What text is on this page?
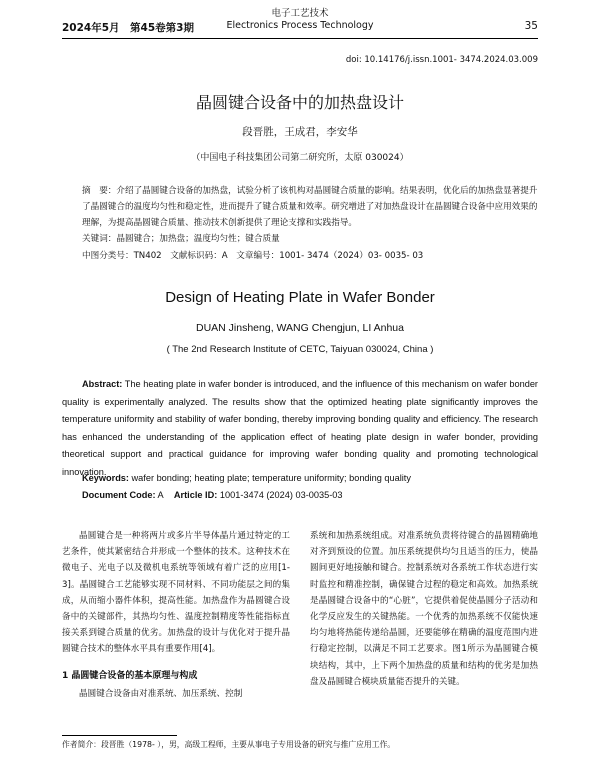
2024年5月　第45卷第3期
电子工艺技术
Electronics Process Technology	35
doi: 10.14176/j.issn.1001- 3474.2024.03.009
晶圆键合设备中的加热盘设计
段晋胜，王成君，李安华
（中国电子科技集团公司第二研究所，太原 030024）
摘　要：介绍了晶圆键合设备的加热盘，试验分析了该机构对晶圆键合质量的影响。结果表明，优化后的加热盘显著提升了晶圆键合的温度均匀性和稳定性，进而提升了键合质量和效率。研究增进了对加热盘设计在晶圆键合设备中应用效果的理解，为提高晶圆键合质量、推动技术创新提供了理论支撑和实践指导。
关键词：晶圆键合；加热盘；温度均匀性；键合质量
中图分类号：TN402　文献标识码：A　文章编号：1001- 3474（2024）03- 0035- 03
Design of Heating Plate in Wafer Bonder
DUAN Jinsheng, WANG Chengjun, LI Anhua
( The 2nd Research Institute of CETC, Taiyuan 030024, China )
Abstract: The heating plate in wafer bonder is introduced, and the influence of this mechanism on wafer bonder quality is experimentally analyzed. The results show that the optimized heating plate significantly improves the temperature uniformity and stability of wafer bonding, thereby improving bonding quality and efficiency. The research has enhanced the understanding of the application effect of heating plate design in wafer bonder, providing theoretical support and practical guidance for improving wafer bonding quality and promoting technological innovation.
Keywords: wafer bonding; heating plate; temperature uniformity; bonding quality
Document Code: A Article ID: 1001-3474 (2024) 03-0035-03

晶圆键合是一种将两片或多片半导体晶片通过特定的工艺条件，使其紧密结合并形成一个整体的技术。这种技术在微电子、光电子以及微机电系统等领域有着广泛的应用[1-3]。晶圆键合工艺能够实现不同材料、不同功能层之间的集成，从而缩小器件体积，提高性能。加热盘作为晶圆键合设备中的关键部件，其热均匀性、温度控制精度等性能指标直接关系到键合质量的优劣。加热盘的设计与优化对于提升晶圆键合技术的整体水平具有重要作用[4]。

1 晶圆键合设备的基本原理与构成

晶圆键合设备由对准系统、加压系统、控制

系统和加热系统组成。对准系统负责将待键合的晶圆精确地对齐到预设的位置。加压系统提供均匀且适当的压力，使晶圆间更好地接触和键合。控制系统对各系统工作状态进行实时监控和精准控制，确保键合过程的稳定和高效。加热系统是晶圆键合设备中的“心脏”，它提供着促使晶圆分子活动和化学反应发生的关键热能。一个优秀的加热系统不仅能快速均匀地将热能传递给晶圆，还要能够在精确的温度范围内进行稳定控制，以满足不同工艺要求。图1所示为晶圆键合模块结构，其中，上下两个加热盘的质量和结构的优劣是加热盘及晶圆键合模块质量能否提升的关键。

作者简介：段晋胜（1978- ），男，高级工程师，主要从事电子专用设备的研究与推广应用工作。
